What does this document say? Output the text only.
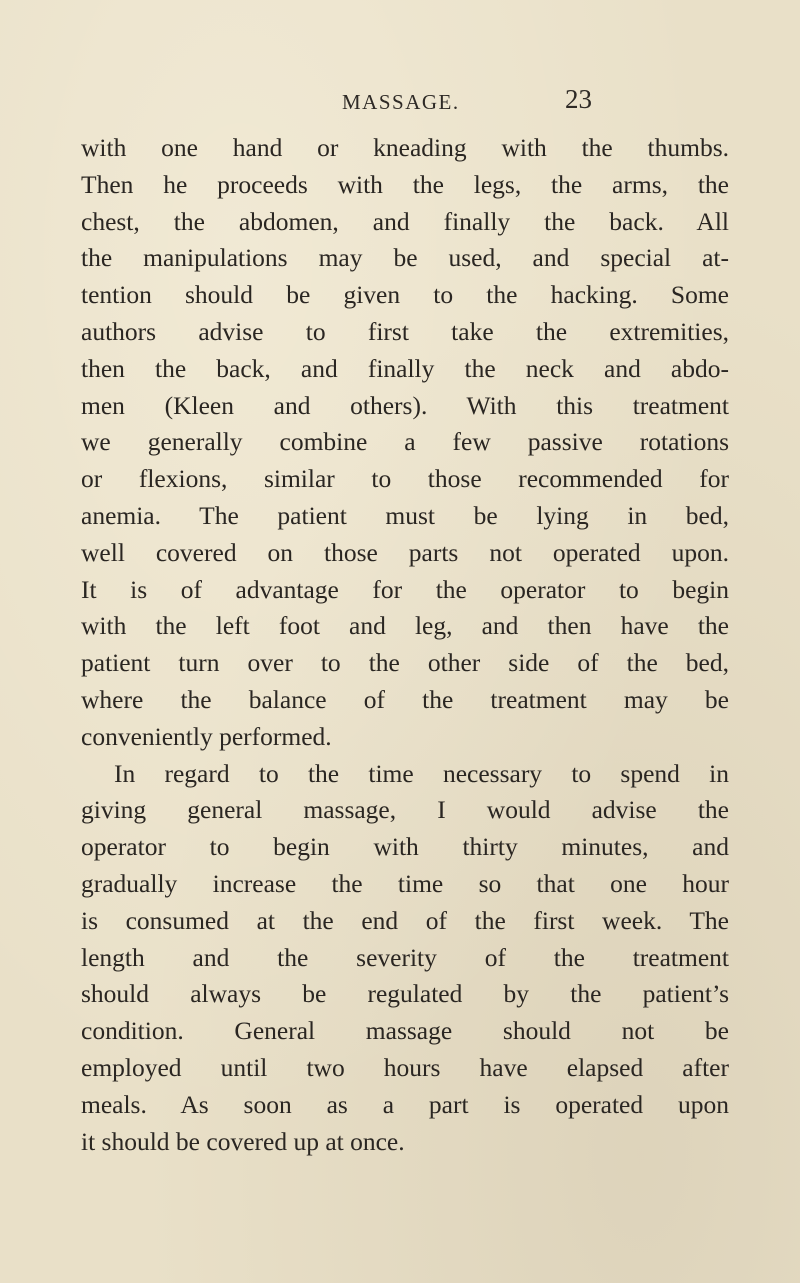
MASSAGE.	23
with one hand or kneading with the thumbs.
Then he proceeds with the legs, the arms, the
chest, the abdomen, and finally the back. All
the manipulations may be used, and special at-
tention should be given to the hacking. Some
authors advise to first take the extremities,
then the back, and finally the neck and abdo-
men (Kleen and others). With this treatment
we generally combine a few passive rotations
or flexions, similar to those recommended for
anemia. The patient must be lying in bed,
well covered on those parts not operated upon.
It is of advantage for the operator to begin
with the left foot and leg, and then have the
patient turn over to the other side of the bed,
where the balance of the treatment may be
conveniently performed.
In regard to the time necessary to spend in
giving general massage, I would advise the
operator to begin with thirty minutes, and
gradually increase the time so that one hour
is consumed at the end of the first week. The
length and the severity of the treatment
should always be regulated by the patient’s
condition. General massage should not be
employed until two hours have elapsed after
meals. As soon as a part is operated upon
it should be covered up at once.
